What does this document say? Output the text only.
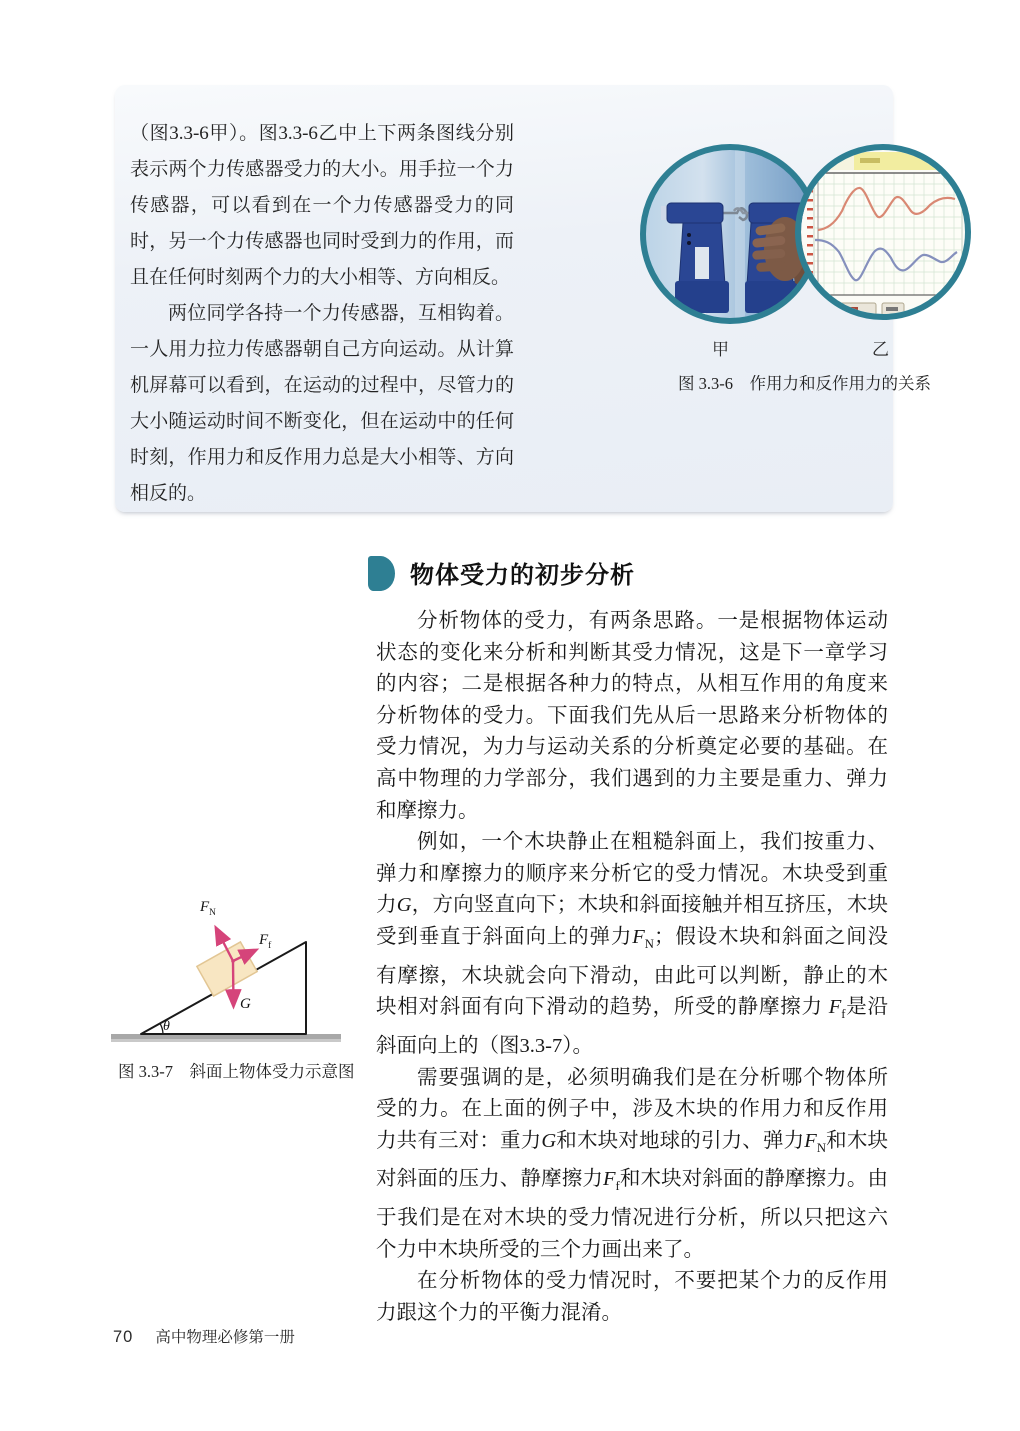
（图3.3-6甲）。图3.3-6乙中上下两条图线分别表示两个力传感器受力的大小。用手拉一个力传感器，可以看到在一个力传感器受力的同时，另一个力传感器也同时受到力的作用，而且在任何时刻两个力的大小相等、方向相反。

两位同学各持一个力传感器，互相钩着。一人用力拉力传感器朝自己方向运动。从计算机屏幕可以看到，在运动的过程中，尽管力的大小随运动时间不断变化，但在运动中的任何时刻，作用力和反作用力总是大小相等、方向相反的。

甲	乙
图 3.3-6　作用力和反作用力的关系
物体受力的初步分析

分析物体的受力，有两条思路。一是根据物体运动状态的变化来分析和判断其受力情况，这是下一章学习的内容；二是根据各种力的特点，从相互作用的角度来分析物体的受力。下面我们先从后一思路来分析物体的受力情况，为力与运动关系的分析奠定必要的基础。在高中物理的力学部分，我们遇到的力主要是重力、弹力和摩擦力。

例如，一个木块静止在粗糙斜面上，我们按重力、弹力和摩擦力的顺序来分析它的受力情况。木块受到重力G，方向竖直向下；木块和斜面接触并相互挤压，木块受到垂直于斜面向上的弹力$F_N$；假设木块和斜面之间没有摩擦，木块就会向下滑动，由此可以判断，静止的木块相对斜面有向下滑动的趋势，所受的静摩擦力 $F_f$是沿斜面向上的（图3.3-7）。

需要强调的是，必须明确我们是在分析哪个物体所受的力。在上面的例子中，涉及木块的作用力和反作用力共有三对：重力G和木块对地球的引力、弹力$F_N$和木块对斜面的压力、静摩擦力$F_f$和木块对斜面的静摩擦力。由于我们是在对木块的受力情况进行分析，所以只把这六个力中木块所受的三个力画出来了。

在分析物体的受力情况时，不要把某个力的反作用力跟这个力的平衡力混淆。

$F_N$
$F_f$
G
θ
图 3.3-7　斜面上物体受力示意图
70 高中物理必修第一册
